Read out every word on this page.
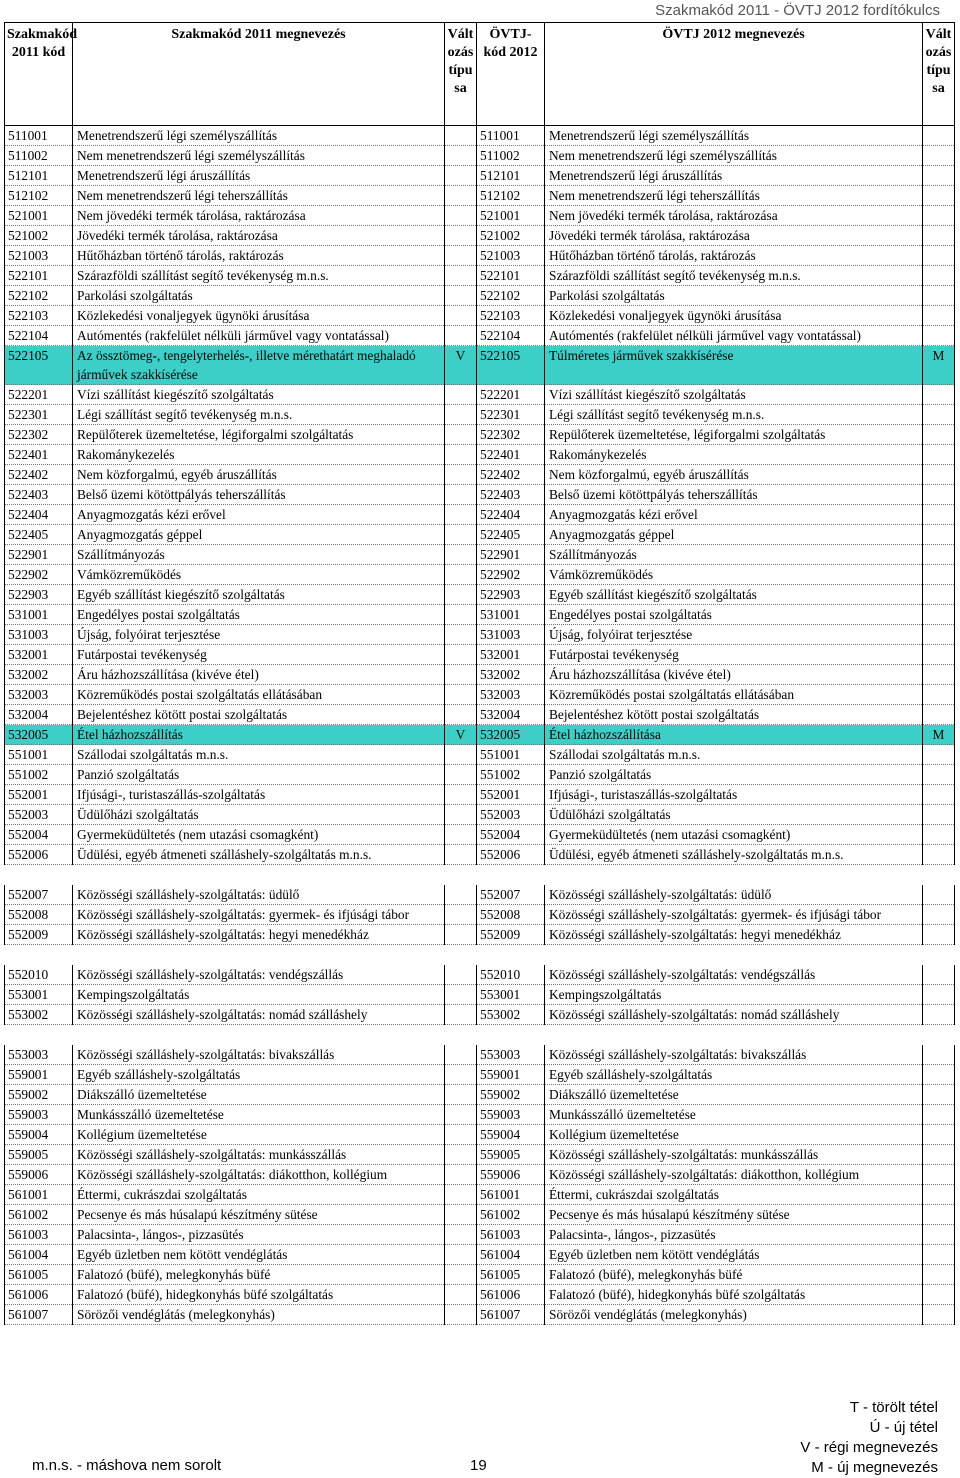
Szakmakód 2011 - ÖVTJ 2012 fordítókulcs
Szakmakód 2011 kód	Szakmakód 2011 megnevezés	Változás típusa	ÖVTJ-kód 2012	ÖVTJ 2012 megnevezés	Változás típusa
511001	Menetrendszerű légi személyszállítás		511001	Menetrendszerű légi személyszállítás	
511002	Nem menetrendszerű légi személyszállítás		511002	Nem menetrendszerű légi személyszállítás	
512101	Menetrendszerű légi áruszállítás		512101	Menetrendszerű légi áruszállítás	
512102	Nem menetrendszerű légi teherszállítás		512102	Nem menetrendszerű légi teherszállítás	
521001	Nem jövedéki termék tárolása, raktározása		521001	Nem jövedéki termék tárolása, raktározása	
521002	Jövedéki termék tárolása, raktározása		521002	Jövedéki termék tárolása, raktározása	
521003	Hűtőházban történő tárolás, raktározás		521003	Hűtőházban történő tárolás, raktározás	
522101	Szárazföldi szállítást segítő tevékenység m.n.s.		522101	Szárazföldi szállítást segítő tevékenység m.n.s.	
522102	Parkolási szolgáltatás		522102	Parkolási szolgáltatás	
522103	Közlekedési vonaljegyek ügynöki árusítása		522103	Közlekedési vonaljegyek ügynöki árusítása	
522104	Autómentés (rakfelület nélküli járművel vagy vontatással)		522104	Autómentés (rakfelület nélküli járművel vagy vontatással)	
522105	Az össztömeg-, tengelyterhelés-, illetve mérethatárt meghaladó járművek szakkísérése	V	522105	Túlméretes járművek szakkísérése	M
522201	Vízi szállítást kiegészítő szolgáltatás		522201	Vízi szállítást kiegészítő szolgáltatás	
522301	Légi szállítást segítő tevékenység m.n.s.		522301	Légi szállítást segítő tevékenység m.n.s.	
522302	Repülőterek üzemeltetése, légiforgalmi szolgáltatás		522302	Repülőterek üzemeltetése, légiforgalmi szolgáltatás	
522401	Rakománykezelés		522401	Rakománykezelés	
522402	Nem közforgalmú, egyéb áruszállítás		522402	Nem közforgalmú, egyéb áruszállítás	
522403	Belső üzemi kötöttpályás teherszállítás		522403	Belső üzemi kötöttpályás teherszállítás	
522404	Anyagmozgatás kézi erővel		522404	Anyagmozgatás kézi erővel	
522405	Anyagmozgatás géppel		522405	Anyagmozgatás géppel	
522901	Szállítmányozás		522901	Szállítmányozás	
522902	Vámközreműködés		522902	Vámközreműködés	
522903	Egyéb szállítást kiegészítő szolgáltatás		522903	Egyéb szállítást kiegészítő szolgáltatás	
531001	Engedélyes postai szolgáltatás		531001	Engedélyes postai szolgáltatás	
531003	Újság, folyóirat terjesztése		531003	Újság, folyóirat terjesztése	
532001	Futárpostai tevékenység		532001	Futárpostai tevékenység	
532002	Áru házhozszállítása (kivéve étel)		532002	Áru házhozszállítása (kivéve étel)	
532003	Közreműködés postai szolgáltatás ellátásában		532003	Közreműködés postai szolgáltatás ellátásában	
532004	Bejelentéshez kötött postai szolgáltatás		532004	Bejelentéshez kötött postai szolgáltatás	
532005	Étel házhozszállítás	V	532005	Étel házhozszállítása	M
551001	Szállodai szolgáltatás m.n.s.		551001	Szállodai szolgáltatás m.n.s.	
551002	Panzió szolgáltatás		551002	Panzió szolgáltatás	
552001	Ifjúsági-, turistaszállás-szolgáltatás		552001	Ifjúsági-, turistaszállás-szolgáltatás	
552003	Üdülőházi szolgáltatás		552003	Üdülőházi szolgáltatás	
552004	Gyermeküdültetés (nem utazási csomagként)		552004	Gyermeküdültetés (nem utazási csomagként)	
552006	Üdülési, egyéb átmeneti szálláshely-szolgáltatás m.n.s.		552006	Üdülési, egyéb átmeneti szálláshely-szolgáltatás m.n.s.	

552007	Közösségi szálláshely-szolgáltatás: üdülő		552007	Közösségi szálláshely-szolgáltatás: üdülő	
552008	Közösségi szálláshely-szolgáltatás: gyermek- és ifjúsági tábor		552008	Közösségi szálláshely-szolgáltatás: gyermek- és ifjúsági tábor	
552009	Közösségi szálláshely-szolgáltatás: hegyi menedékház		552009	Közösségi szálláshely-szolgáltatás: hegyi menedékház	

552010	Közösségi szálláshely-szolgáltatás: vendégszállás		552010	Közösségi szálláshely-szolgáltatás: vendégszállás	
553001	Kempingszolgáltatás		553001	Kempingszolgáltatás	
553002	Közösségi szálláshely-szolgáltatás: nomád szálláshely		553002	Közösségi szálláshely-szolgáltatás: nomád szálláshely	

553003	Közösségi szálláshely-szolgáltatás: bivakszállás		553003	Közösségi szálláshely-szolgáltatás: bivakszállás	
559001	Egyéb szálláshely-szolgáltatás		559001	Egyéb szálláshely-szolgáltatás	
559002	Diákszálló üzemeltetése		559002	Diákszálló üzemeltetése	
559003	Munkásszálló üzemeltetése		559003	Munkásszálló üzemeltetése	
559004	Kollégium üzemeltetése		559004	Kollégium üzemeltetése	
559005	Közösségi szálláshely-szolgáltatás: munkásszállás		559005	Közösségi szálláshely-szolgáltatás: munkásszállás	
559006	Közösségi szálláshely-szolgáltatás: diákotthon, kollégium		559006	Közösségi szálláshely-szolgáltatás: diákotthon, kollégium	
561001	Éttermi, cukrászdai szolgáltatás		561001	Éttermi, cukrászdai szolgáltatás	
561002	Pecsenye és más húsalapú készítmény sütése		561002	Pecsenye és más húsalapú készítmény sütése	
561003	Palacsinta-, lángos-, pizzasütés		561003	Palacsinta-, lángos-, pizzasütés	
561004	Egyéb üzletben nem kötött vendéglátás		561004	Egyéb üzletben nem kötött vendéglátás	
561005	Falatozó (büfé), melegkonyhás büfé		561005	Falatozó (büfé), melegkonyhás büfé	
561006	Falatozó (büfé), hidegkonyhás büfé szolgáltatás		561006	Falatozó (büfé), hidegkonyhás büfé szolgáltatás	
561007	Sörözői vendéglátás (melegkonyhás)		561007	Sörözői vendéglátás (melegkonyhás)	
T - törölt tétel
Ú - új tétel
V - régi megnevezés
M - új megnevezés
m.n.s. - máshova nem sorolt	19
